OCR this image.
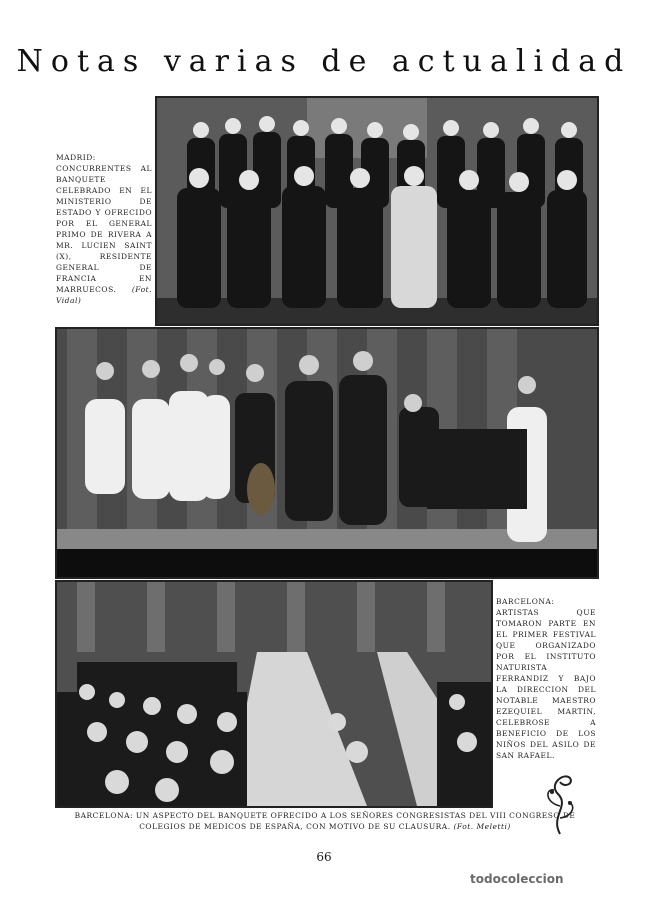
Notas varias de actualidad
MADRID: CONCURRENTES AL BANQUETE CELEBRADO EN EL MINISTERIO DE ESTADO Y OFRECIDO POR EL GENERAL PRIMO DE RIVERA A MR. LUCIEN SAINT (X), RESIDENTE GENERAL DE FRANCIA EN MARRUECOS. (Fot. Vidal)
BARCELONA: ARTISTAS QUE TOMARON PARTE EN EL PRIMER FESTIVAL QUE ORGANIZADO POR EL INSTITUTO NATURISTA FERRANDIZ Y BAJO LA DIRECCION DEL NOTABLE MAESTRO EZEQUIEL MARTIN, CELEBROSE A BENEFICIO DE LOS NIÑOS DEL ASILO DE SAN RAFAEL.
BARCELONA: UN ASPECTO DEL BANQUETE OFRECIDO A LOS SEÑORES CONGRESISTAS DEL VIII CONGRESO DE COLEGIOS DE MEDICOS DE ESPAÑA, CON MOTIVO DE SU CLAUSURA. (Fot. Meletti)
66
todocoleccion
